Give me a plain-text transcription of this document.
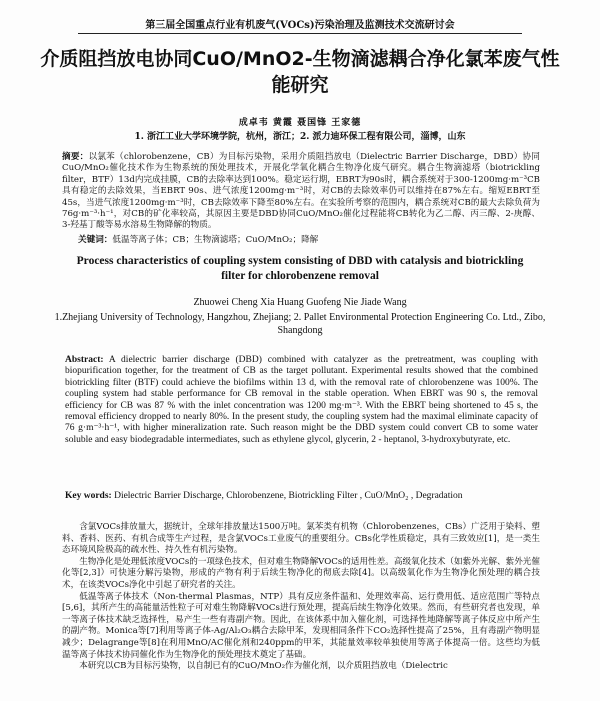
第三届全国重点行业有机废气(VOCs)污染治理及监测技术交流研讨会
介质阻挡放电协同CuO/MnO2-生物滴滤耦合净化氯苯废气性能研究
成卓韦 黄霞 聂国锋 王家德
1. 浙江工业大学环境学院，杭州，浙江；2. 派力迪环保工程有限公司，淄博，山东
摘要：以氯苯（chlorobenzene，CB）为目标污染物，采用介质阻挡放电（Dielectric Barrier Discharge，DBD）协同CuO/MnO₂催化技术作为生物系统的预处理技术，开展化学氧化耦合生物净化废气研究。耦合生物滴滤塔（biotrickling filter，BTF）13d内完成挂膜，CB的去除率达到100%。稳定运行期，EBRT为90s时，耦合系统对于300-1200mg·m⁻³CB具有稳定的去除效果，当EBRT 90s、进气浓度1200mg·m⁻³时，对CB的去除效率仍可以维持在87%左右。缩短EBRT至45s，当进气浓度1200mg·m⁻³时，CB去除效率下降至80%左右。在实验所考察的范围内，耦合系统对CB的最大去除负荷为76g·m⁻³·h⁻¹，对CB的矿化率较高，其原因主要是DBD协同CuO/MnO₂催化过程能将CB转化为乙二醇、丙三醇、2-庚醇、3-羟基丁酸等易水溶易生物降解的物质。
关键词：低温等离子体；CB；生物滴滤塔；CuO/MnO₂；降解
Process characteristics of coupling system consisting of DBD with catalysis and biotrickling filter for chlorobenzene removal
Zhuowei Cheng Xia Huang Guofeng Nie Jiade Wang
1.Zhejiang University of Technology, Hangzhou, Zhejiang; 2. Pallet Environmental Protection Engineering Co. Ltd., Zibo, Shangdong
Abstract: A dielectric barrier discharge (DBD) combined with catalyzer as the pretreatment, was coupling with biopurification together, for the treatment of CB as the target pollutant. Experimental results showed that the combined biotrickling filter (BTF) could achieve the biofilms within 13 d, with the removal rate of chlorobenzene was 100%. The coupling system had stable performance for CB removal in the stable operation. When EBRT was 90 s, the removal efficiency for CB was 87 % with the inlet concentration was 1200 mg·m⁻³. With the EBRT being shortened to 45 s, the removal efficiency dropped to nearly 80%. In the present study, the coupling system had the maximal eliminate capacity of 76 g·m⁻³·h⁻¹, with higher mineralization rate. Such reason might be the DBD system could convert CB to some water soluble and easy biodegradable intermediates, such as ethylene glycol, glycerin, 2 - heptanol, 3-hydroxybutyrate, etc.
Key words: Dielectric Barrier Discharge, Chlorobenzene, Biotrickling Filter , CuO/MnO₂ , Degradation

含氯VOCs排放量大，据统计，全球年排放量达1500万吨。氯苯类有机物（Chlorobenzenes，CBs）广泛用于染料、塑料、香料、医药、有机合成等生产过程，是含氯VOCs工业废气的重要组分。CBs化学性质稳定，具有三致效应[1]，是一类生态环境风险极高的疏水性、持久性有机污染物。

生物净化是处理低浓度VOCs的一项绿色技术，但对难生物降解VOCs的适用性差。高级氧化技术（如紫外光解、紫外光催化等[2,3]）可快速分解污染物，形成的产物有利于后续生物净化的彻底去除[4]。以高级氧化作为生物净化预处理的耦合技术，在该类VOCs净化中引起了研究者的关注。

低温等离子体技术（Non-thermal Plasmas，NTP）具有反应条件温和、处理效率高、运行费用低、适应范围广等特点[5,6]，其所产生的高能量活性粒子可对难生物降解VOCs进行预处理，提高后续生物净化效果。然而，有些研究者也发现，单一等离子体技术缺乏选择性，易产生一些有毒副产物。因此，在该体系中加入催化剂，可选择性地降解等离子体反应中所产生的副产物。Monica等[7]利用等离子体-Ag/Al₂O₃耦合去除甲苯，发现相同条件下CO₂选择性提高了25%，且有毒副产物明显减少；Delagrange等[8]在利用MnO/AC催化剂和240ppm的甲苯，其能量效率较单独使用等离子体提高一倍。这些均为低温等离子体技术协同催化作为生物净化的预处理技术奠定了基础。

本研究以CB为目标污染物，以自制已有的CuO/MnO₂作为催化剂，以介质阻挡放电（Dielectric
